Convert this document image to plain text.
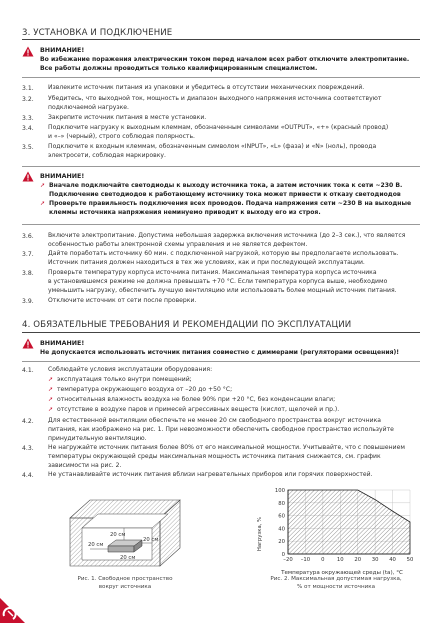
3. УСТАНОВКА И ПОДКЛЮЧЕНИЕ
ВНИМАНИЕ!
Во избежание поражения электрическим током перед началом всех работ отключите электропитание.
Все работы должны проводиться только квалифицированным специалистом.
3.1. Извлеките источник питания из упаковки и убедитесь в отсутствии механических повреждений.
3.2. Убедитесь, что выходной ток, мощность и диапазон выходного напряжения источника соответствуют
подключаемой нагрузке.
3.3. Закрепите источник питания в месте установки.
3.4. Подключите нагрузку к выходным клеммам, обозначенным символами «OUTPUT», «+» (красный провод)
и «–» (черный), строго соблюдая полярность.
3.5. Подключите к входным клеммам, обозначенным символом «INPUT», «L» (фаза) и «N» (ноль), провода
электросети, соблюдая маркировку.
ВНИМАНИЕ!
➚ Вначале подключайте светодиоды к выходу источника тока, а затем источник тока к сети ~230 В.
Подключение светодиодов к работающему источнику тока может привести к отказу светодиодов
➚ Проверьте правильность подключения всех проводов. Подача напряжения сети ~230 В на выходные
клеммы источника напряжения неминуемо приводит к выходу его из строя.
3.6. Включите электропитание. Допустима небольшая задержка включения источника (до 2–3 сек.), что является
особенностью работы электронной схемы управления и не является дефектом.
3.7. Дайте поработать источнику 60 мин. с подключенной нагрузкой, которую вы предполагаете использовать.
Источник питания должен находиться в тех же условиях, как и при последующей эксплуатации.
3.8. Проверьте температуру корпуса источника питания. Максимальная температура корпуса источника
в установившемся режиме не должна превышать +70 °С. Если температура корпуса выше, необходимо
уменьшить нагрузку, обеспечить лучшую вентиляцию или использовать более мощный источник питания.
3.9. Отключите источник от сети после проверки.
4. ОБЯЗАТЕЛЬНЫЕ ТРЕБОВАНИЯ И РЕКОМЕНДАЦИИ ПО ЭКСПЛУАТАЦИИ
ВНИМАНИЕ!
Не допускается использовать источник питания совместно с диммерами (регуляторами освещения)!
4.1. Соблюдайте условия эксплуатации оборудования:
➚ эксплуатация только внутри помещений;
➚ температура окружающего воздуха от –20 до +50 °С;
➚ относительная влажность воздуха не более 90% при +20 °С, без конденсации влаги;
➚ отсутствие в воздухе паров и примесей агрессивных веществ (кислот, щелочей и пр.).
4.2. Для естественной вентиляции обеспечьте не менее 20 см свободного пространства вокруг источника
питания, как изображено на рис. 1. При невозможности обеспечить свободное пространство используйте
принудительную вентиляцию.
4.3. Не нагружайте источник питания более 80% от его максимальной мощности. Учитывайте, что с повышением
температуры окружающей среды максимальная мощность источника питания снижается, см. график
зависимости на рис. 2.
4.4. Не устанавливайте источник питания вблизи нагревательных приборов или горячих поверхностей.
20 см
20 см
20 см
20 см
Рис. 1. Свободное пространство
вокруг источника
0
20
40
60
80
100
–20 –10 0 10 20 30 40 50
Нагрузка, %
Температура окружающей среды (ta), °С
Рис. 2. Максимальная допустимая нагрузка,
% от мощности источника
